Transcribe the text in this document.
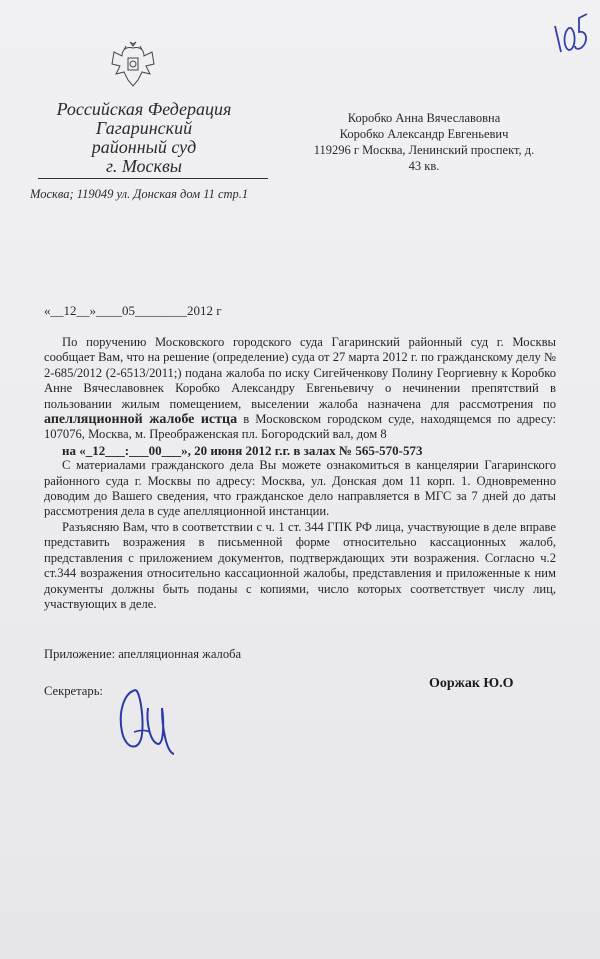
Российская Федерация
Гагаринский
районный суд
г. Москвы
Москва; 119049 ул. Донская дом 11 стр.1
Коробко Анна Вячеславовна
Коробко Александр Евгеньевич
119296 г Москва, Ленинский проспект, д.
43 кв.
«__12__»____05________2012 г

По поручению Московского городского суда Гагаринский районный суд г. Москвы сообщает Вам, что на решение (определение) суда от 27 марта 2012 г. по гражданскому делу № 2-685/2012 (2-6513/2011;) подана жалоба по иску Сигейченкову Полину Георгиевну к Коробко Анне Вячеславовнек Коробко Александру Евгеньевичу о нечинении препятствий в пользовании жилым помещением, выселении жалоба назначена для рассмотрения по апелляционной жалобе истца в Московском городском суде, находящемся по адресу: 107076, Москва, м. Преображенская пл. Богородский вал, дом 8

на «_12___:___00___», 20 июня 2012 г.г. в залах № 565-570-573

С материалами гражданского дела Вы можете ознакомиться в канцелярии Гагаринского районного суда г. Москвы по адресу: Москва, ул. Донская дом 11 корп. 1. Одновременно доводим до Вашего сведения, что гражданское дело направляется в МГС за 7 дней до даты рассмотрения дела в суде апелляционной инстанции.

Разъясняю Вам, что в соответствии с ч. 1 ст. 344 ГПК РФ лица, участвующие в деле вправе представить возражения в письменной форме относительно кассационных жалоб, представления с приложением документов, подтверждающих эти возражения. Согласно ч.2 ст.344 возражения относительно кассационной жалобы, представления и приложенные к ним документы должны быть поданы с копиями, число которых соответствует числу лиц, участвующих в деле.

Приложение: апелляционная жалоба
Секретарь:	Ооржак Ю.О
